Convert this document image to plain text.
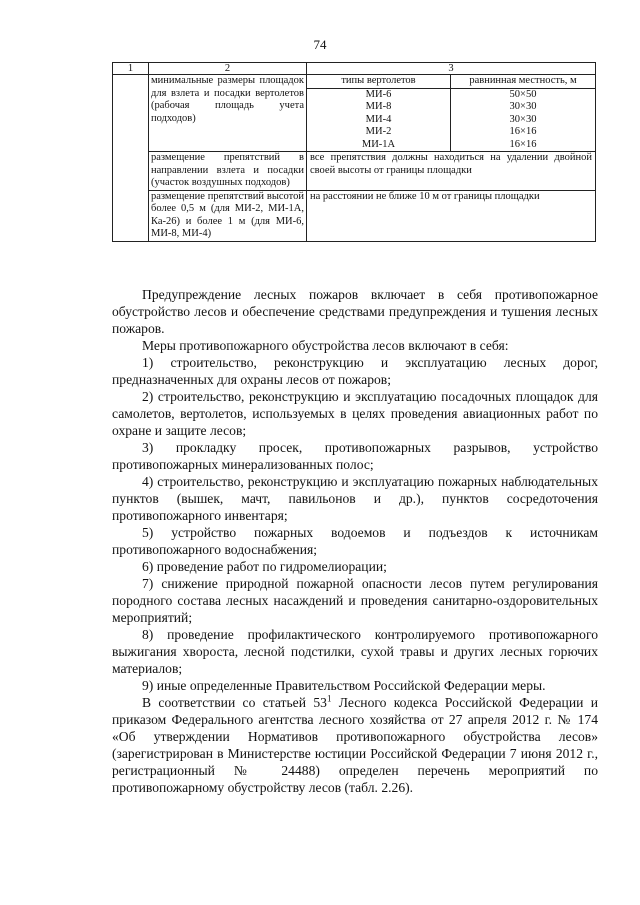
74
1	2	3
	минимальные размеры площадок для взлета и посадки вертолетов (рабочая площадь учета подходов)	
типы вертолетов	равнинная местность, м
МИ-6	50×50
МИ-8	30×30
МИ-4	30×30
МИ-2	16×16
МИ-1А	16×16

размещение препятствий в направлении взлета и посадки (участок воздушных подходов)	все препятствия должны находиться на удалении двойной своей высоты от границы площадки
размещение препятствий высотой более 0,5 м (для МИ-2, МИ-1А, Ка-26) и более 1 м (для МИ-6, МИ-8, МИ-4)	на расстоянии не ближе 10 м от границы площадки

Предупреждение лесных пожаров включает в себя противопожарное обустройство лесов и обеспечение средствами предупреждения и тушения лесных пожаров.

Меры противопожарного обустройства лесов включают в себя:

1) строительство, реконструкцию и эксплуатацию лесных дорог, предназначенных для охраны лесов от пожаров;

2) строительство, реконструкцию и эксплуатацию посадочных площадок для самолетов, вертолетов, используемых в целях проведения авиационных работ по охране и защите лесов;

3) прокладку просек, противопожарных разрывов, устройство противопожарных минерализованных полос;

4) строительство, реконструкцию и эксплуатацию пожарных наблюдательных пунктов (вышек, мачт, павильонов и др.), пунктов сосредоточения противопожарного инвентаря;

5) устройство пожарных водоемов и подъездов к источникам противопожарного водоснабжения;

6) проведение работ по гидромелиорации;

7) снижение природной пожарной опасности лесов путем регулирования породного состава лесных насаждений и проведения санитарно-оздоровительных мероприятий;

8) проведение профилактического контролируемого противопожарного выжигания хвороста, лесной подстилки, сухой травы и других лесных горючих материалов;

9) иные определенные Правительством Российской Федерации меры.

В соответствии со статьей $53^1$ Лесного кодекса Российской Федерации и приказом Федерального агентства лесного хозяйства от 27 апреля 2012 г. № 174 «Об утверждении Нормативов противопожарного обустройства лесов» (зарегистрирован в Министерстве юстиции Российской Федерации 7 июня 2012 г., регистрационный № 24488) определен перечень мероприятий по противопожарному обустройству лесов (табл. 2.26).
